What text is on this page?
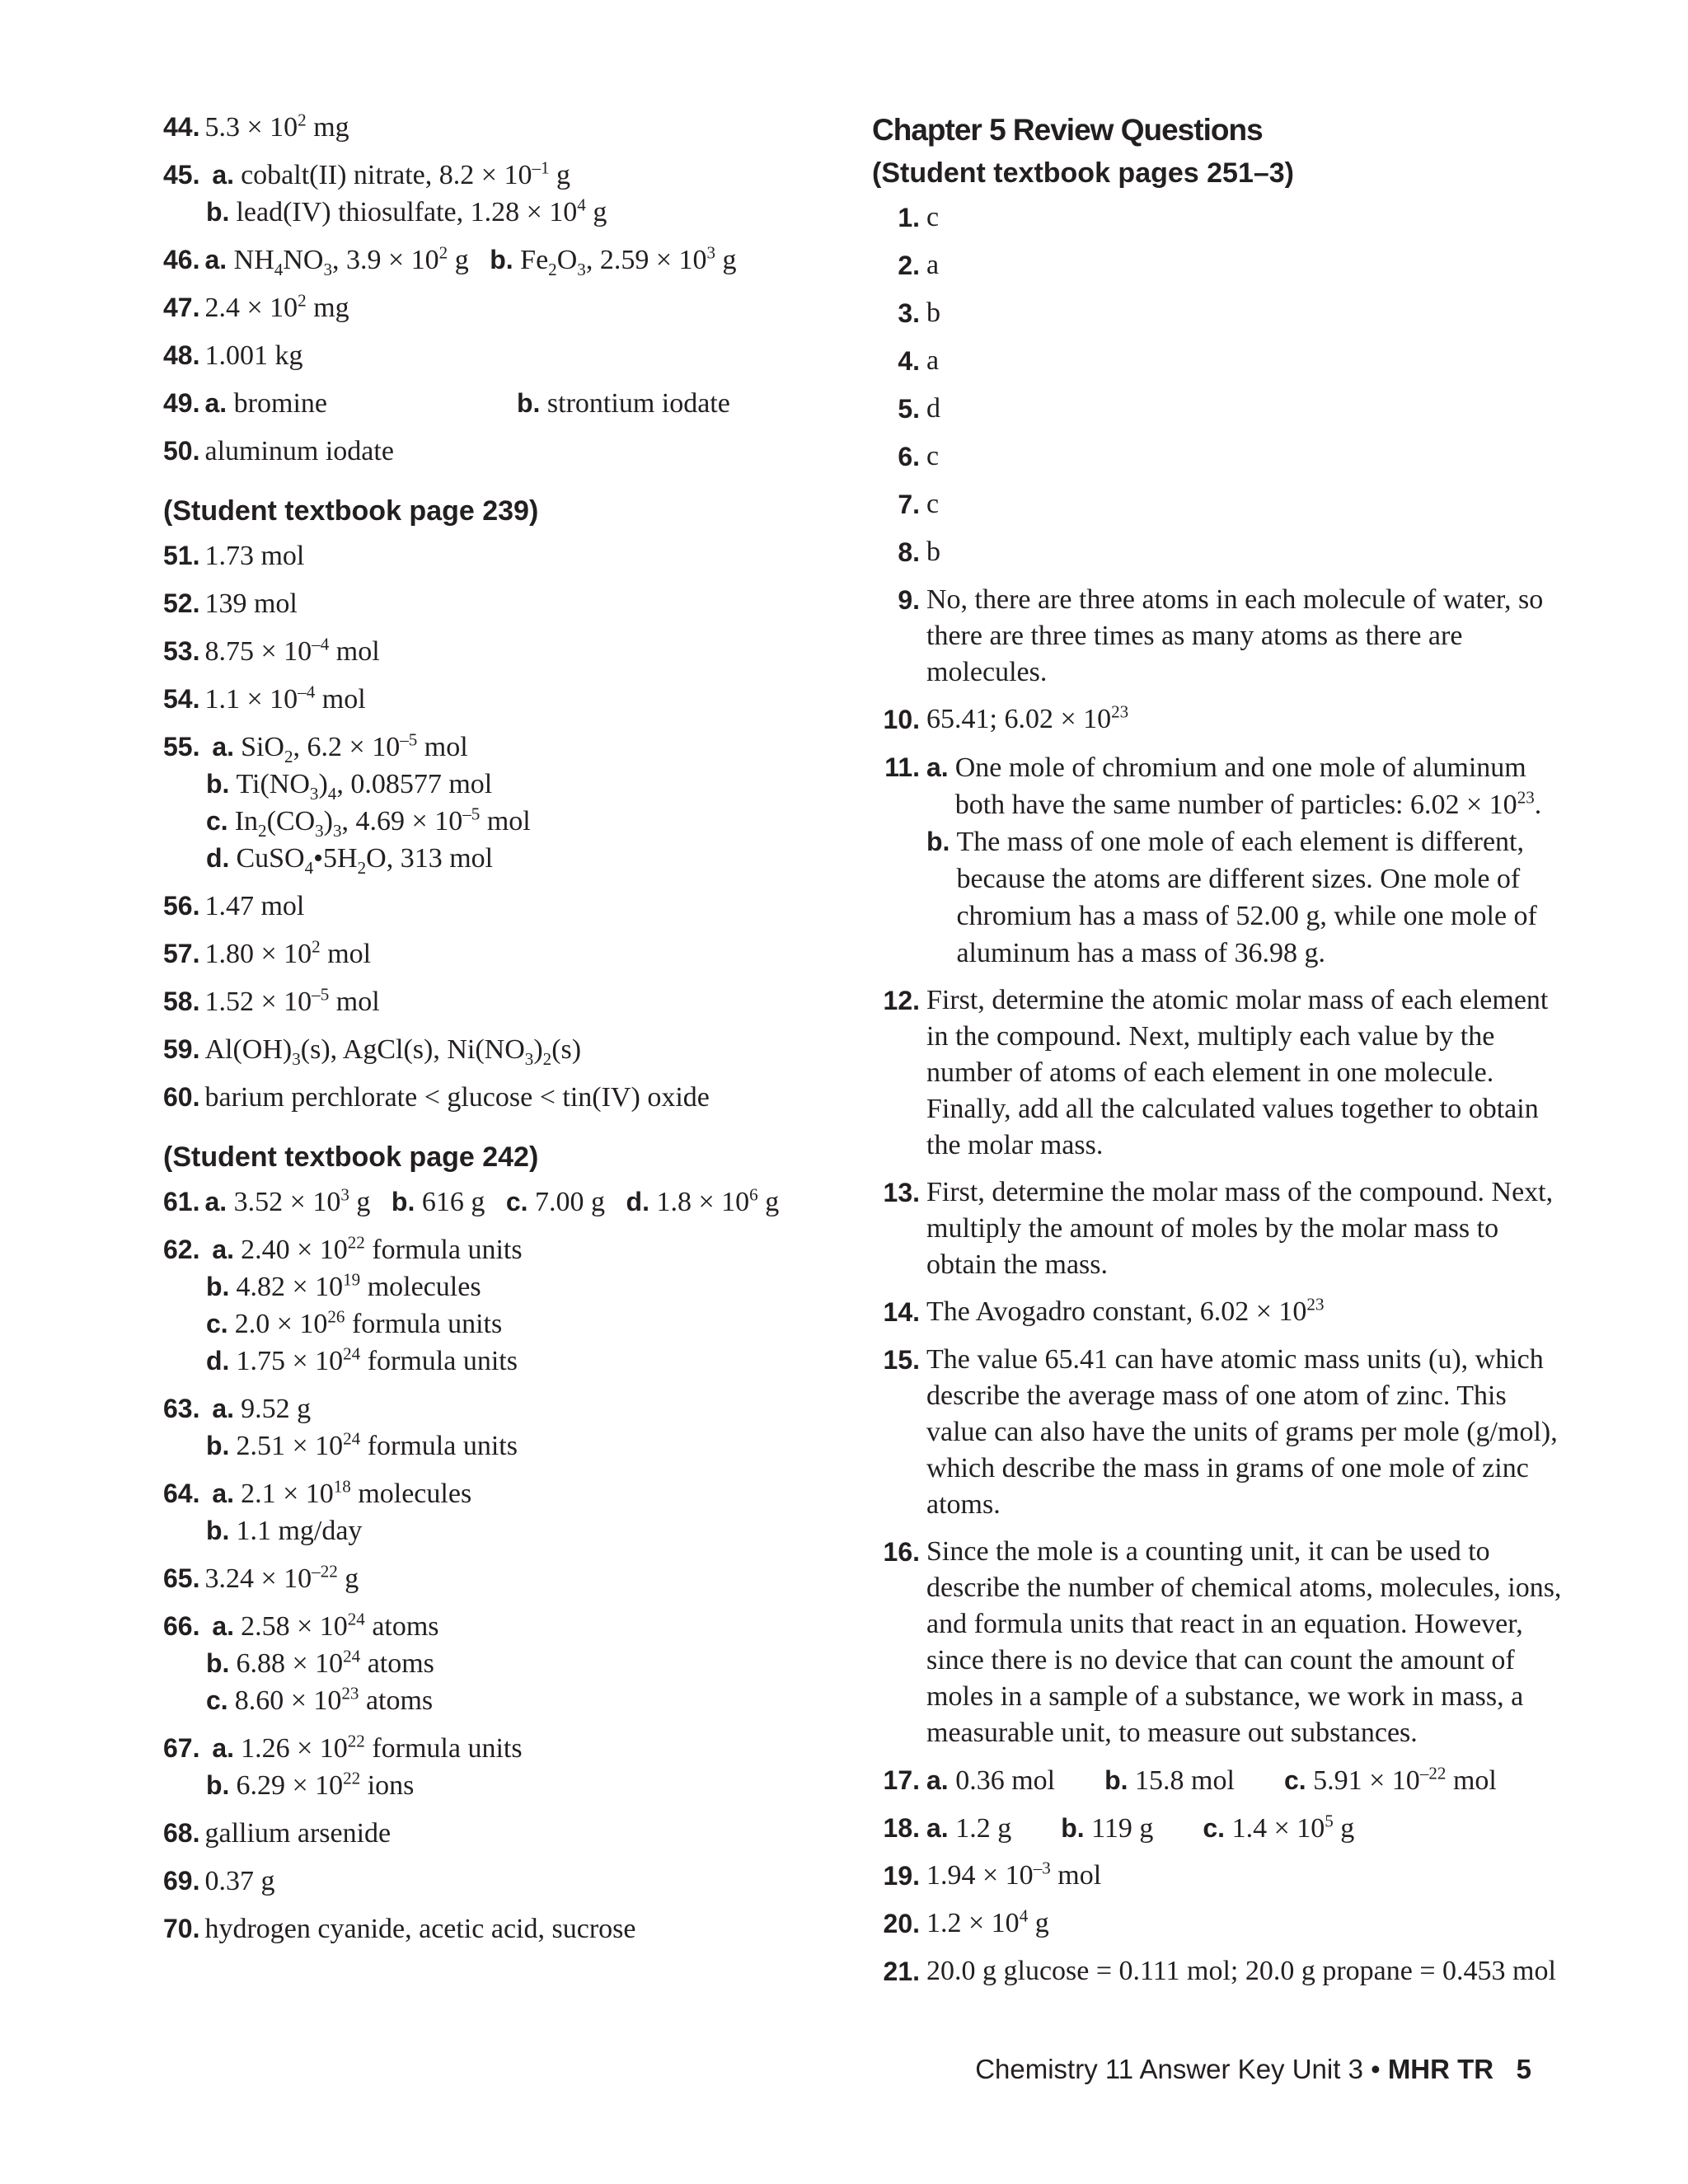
44. $5.3 \times 10^2$ mg
45. a. cobalt(II) nitrate, $8.2 \times 10^{-1}$ g
b. lead(IV) thiosulfate, $1.28 \times 10^4$ g
46. a. $NH_4NO_3$, $3.9 \times 10^2$ g   b. $Fe_2O_3$, $2.59 \times 10^3$ g
47. $2.4 \times 10^2$ mg
48. 1.001 kg
49. a. bromine	b. strontium iodate
50. aluminum iodate
(Student textbook page 239)
51. 1.73 mol
52. 139 mol
53. $8.75 \times 10^{-4}$ mol
54. $1.1 \times 10^{-4}$ mol
55. a. SiO$_2$, $6.2 \times 10^{-5}$ mol
b. $Ti(NO_3)_4$, 0.08577 mol
c. $In_2(CO_3)_3$, $4.69 \times 10^{-5}$ mol
d. $CuSO_4•5H_2O$, 313 mol
56. 1.47 mol
57. $1.80 \times 10^2$ mol
58. $1.52 \times 10^{-5}$ mol
59. $Al(OH)_3(s)$, AgCl(s), $Ni(NO_3)_2(s)$
60. barium perchlorate < glucose < tin(IV) oxide
(Student textbook page 242)
61. a. $3.52 \times 10^3$ g   b. 616 g   c. 7.00 g   d. $1.8 \times 10^6$ g
62. a. $2.40 \times 10^{22}$ formula units
b. $4.82 \times 10^{19}$ molecules
c. $2.0 \times 10^{26}$ formula units
d. $1.75 \times 10^{24}$ formula units
63. a. 9.52 g
b. $2.51 \times 10^{24}$ formula units
64. a. $2.1 \times 10^{18}$ molecules
b. 1.1 mg/day
65. $3.24 \times 10^{-22}$ g
66. a. $2.58 \times 10^{24}$ atoms
b. $6.88 \times 10^{24}$ atoms
c. $8.60 \times 10^{23}$ atoms
67. a. $1.26 \times 10^{22}$ formula units
b. $6.29 \times 10^{22}$ ions
68. gallium arsenide
69. 0.37 g
70. hydrogen cyanide, acetic acid, sucrose
Chapter 5 Review Questions
(Student textbook pages 251–3)
1. c
2. a
3. b
4. a
5. d
6. c
7. c
8. b
9. No, there are three atoms in each molecule of water, so there are three times as many atoms as there are molecules.
10. 65.41; $6.02 \times 10^{23}$
11. a. One mole of chromium and one mole of aluminum both have the same number of particles: $6.02 \times 10^{23}$.
b. The mass of one mole of each element is different, because the atoms are different sizes. One mole of chromium has a mass of 52.00 g, while one mole of aluminum has a mass of 36.98 g.
12. First, determine the atomic molar mass of each element in the compound. Next, multiply each value by the number of atoms of each element in one molecule. Finally, add all the calculated values together to obtain the molar mass.
13. First, determine the molar mass of the compound. Next, multiply the amount of moles by the molar mass to obtain the mass.
14. The Avogadro constant, $6.02 \times 10^{23}$
15. The value 65.41 can have atomic mass units (u), which describe the average mass of one atom of zinc. This value can also have the units of grams per mole (g/mol), which describe the mass in grams of one mole of zinc atoms.
16. Since the mole is a counting unit, it can be used to describe the number of chemical atoms, molecules, ions, and formula units that react in an equation. However, since there is no device that can count the amount of moles in a sample of a substance, we work in mass, a measurable unit, to measure out substances.
17. a. 0.36 mol b. 15.8 mol c. $5.91 \times 10^{-22}$ mol
18. a. 1.2 g b. 119 g c. $1.4 \times 10^5$ g
19. $1.94 \times 10^{-3}$ mol
20. $1.2 \times 10^4$ g
21. 20.0 g glucose = 0.111 mol; 20.0 g propane = 0.453 mol
Chemistry 11 Answer Key Unit 3 • MHR TR 5
